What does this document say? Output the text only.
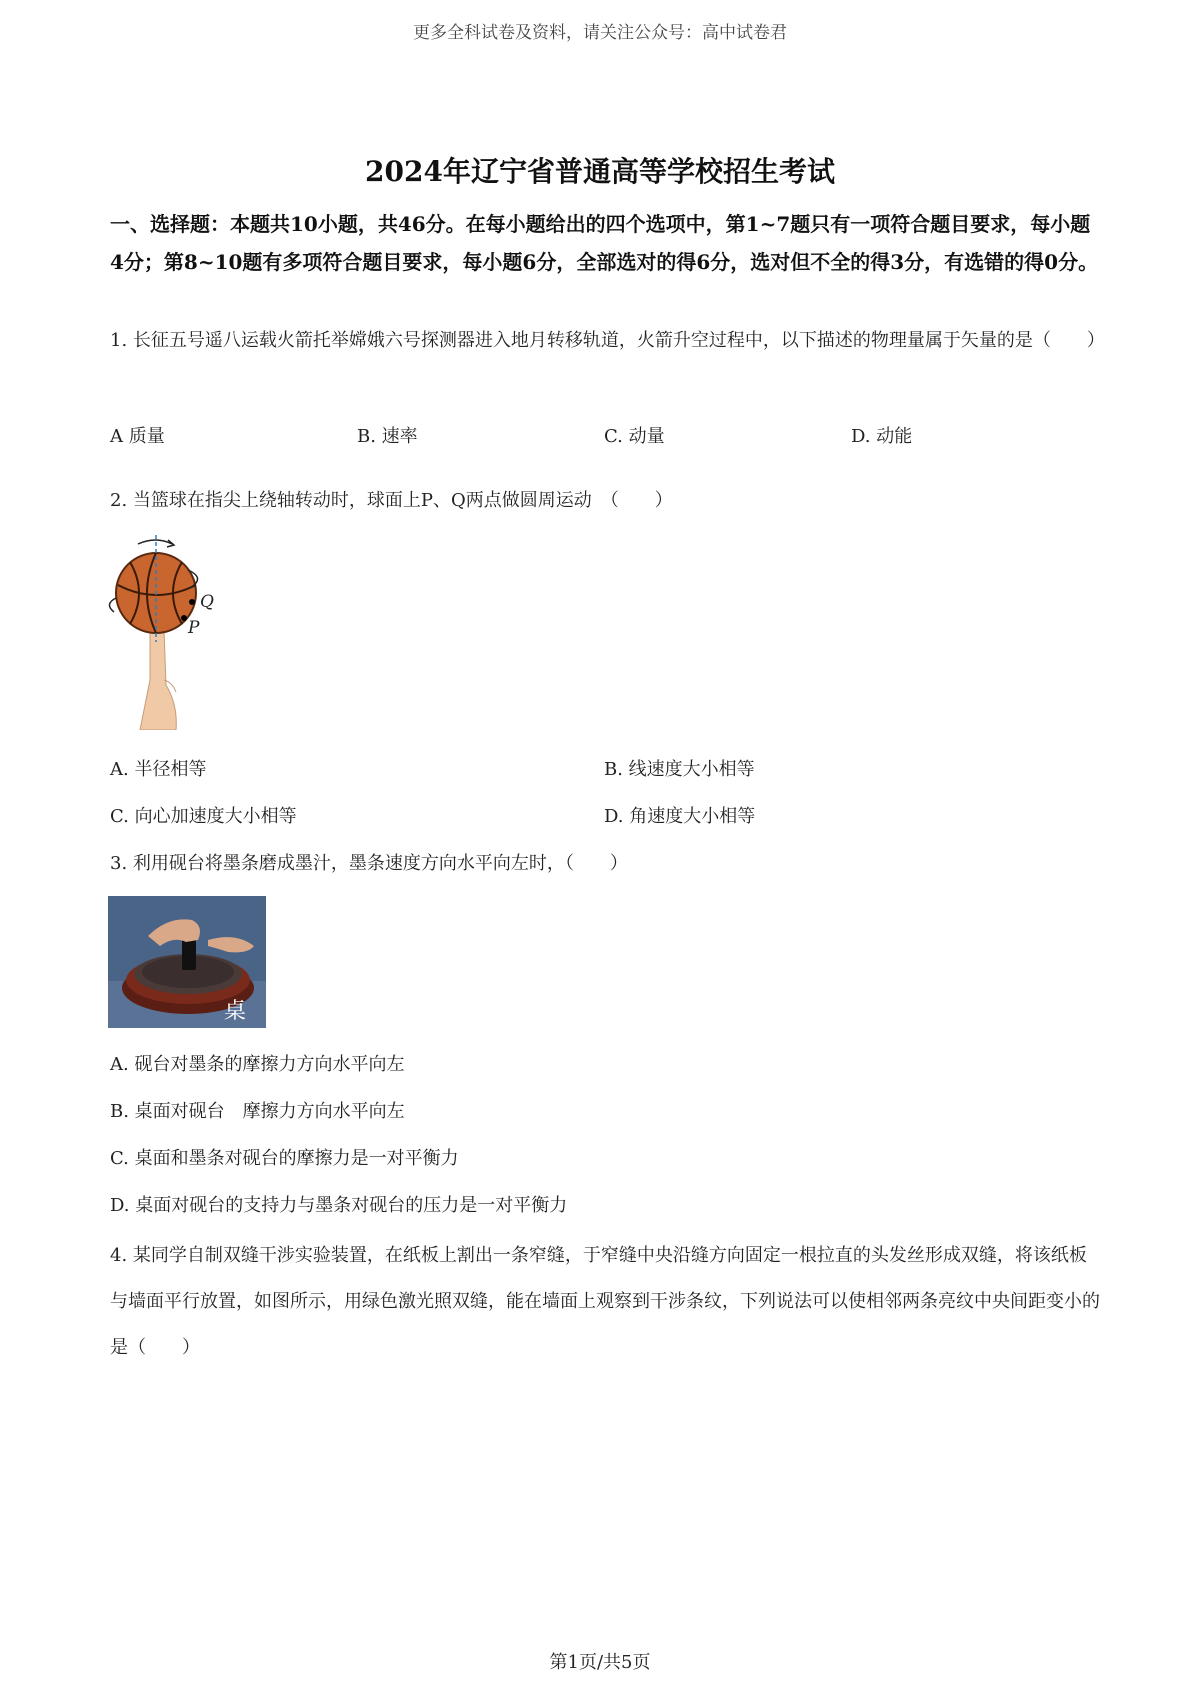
更多全科试卷及资料，请关注公众号：高中试卷君
2024年辽宁省普通高等学校招生考试
一、选择题：本题共10小题，共46分。在每小题给出的四个选项中，第1~7题只有一项符合题目要求，每小题4分；第8~10题有多项符合题目要求，每小题6分，全部选对的得6分，选对但不全的得3分，有选错的得0分。
1. 长征五号遥八运载火箭托举嫦娥六号探测器进入地月转移轨道，火箭升空过程中，以下描述的物理量属于矢量的是（　　）
A 质量	B. 速率	C. 动量	D. 动能
2. 当篮球在指尖上绕轴转动时，球面上P、Q两点做圆周运动　（　　）
Q
P
A. 半径相等	B. 线速度大小相等
C. 向心加速度大小相等	D. 角速度大小相等
3. 利用砚台将墨条磨成墨汁，墨条速度方向水平向左时，（　　）
桌
A. 砚台对墨条的摩擦力方向水平向左
B. 桌面对砚台　摩擦力方向水平向左
C. 桌面和墨条对砚台的摩擦力是一对平衡力
D. 桌面对砚台的支持力与墨条对砚台的压力是一对平衡力
4. 某同学自制双缝干涉实验装置，在纸板上割出一条窄缝，于窄缝中央沿缝方向固定一根拉直的头发丝形成双缝，将该纸板与墙面平行放置，如图所示，用绿色激光照双缝，能在墙面上观察到干涉条纹，下列说法可以使相邻两条亮纹中央间距变小的是（　　）
第1页/共5页
